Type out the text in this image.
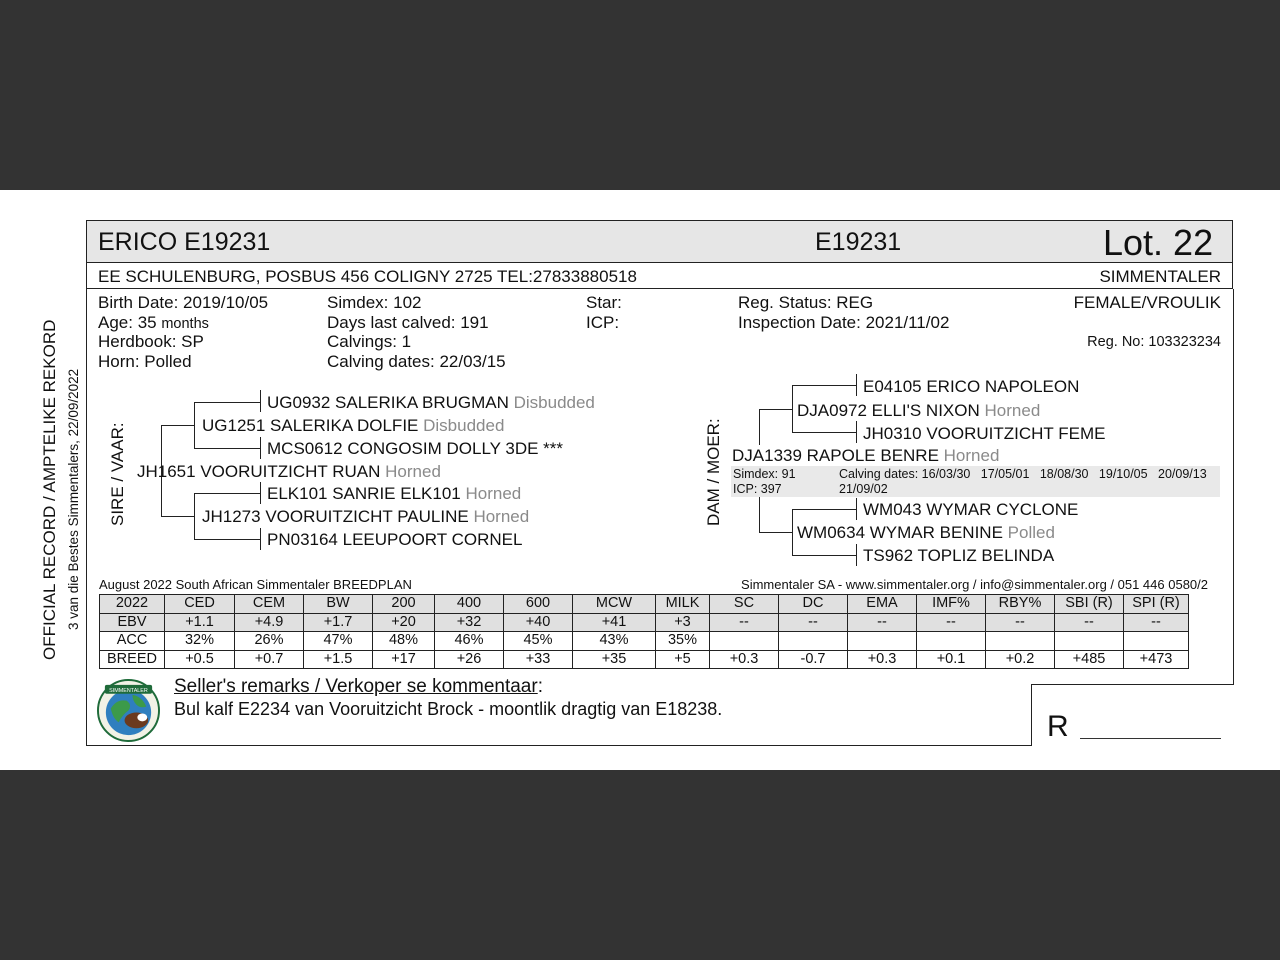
OFFICIAL RECORD / AMPTELIKE REKORD 3 van die Bestes Simmentalers, 22/09/2022
ERICO E19231	E19231	Lot. 22
EE SCHULENBURG, POSBUS 456 COLIGNY 2725 TEL:27833880518	SIMMENTALER
Birth Date: 2019/10/05
Age: 35 months
Herdbook: SP
Horn: Polled
Simdex: 102
Days last calved: 191
Calvings: 1
Calving dates: 22/03/15
Star:
ICP:
Reg. Status: REG
Inspection Date: 2021/11/02
FEMALE/VROULIK
Reg. No: 103323234
SIRE / VAAR:
UG0932 SALERIKA BRUGMAN Disbudded
UG1251 SALERIKA DOLFIE Disbudded
MCS0612 CONGOSIM DOLLY 3DE ***
JH1651 VOORUITZICHT RUAN Horned
ELK101 SANRIE ELK101 Horned
JH1273 VOORUITZICHT PAULINE Horned
PN03164 LEEUPOORT CORNEL
DAM / MOER:
E04105 ERICO NAPOLEON
DJA0972 ELLI'S NIXON Horned
JH0310 VOORUITZICHT FEME
DJA1339 RAPOLE BENRE Horned
Simdex: 91
ICP: 397
Calving dates: 16/03/30   17/05/01   18/08/30   19/10/05   20/09/13
21/09/02
WM043 WYMAR CYCLONE
WM0634 WYMAR BENINE Polled
TS962 TOPLIZ BELINDA
August 2022 South African Simmentaler BREEDPLAN	Simmentaler SA - www.simmentaler.org / info@simmentaler.org / 051 446 0580/2
2022	CED	CEM	BW	200	400	600	MCW	MILK	SC	DC	EMA	IMF%	RBY%	SBI (R)	SPI (R)
EBV	+1.1	+4.9	+1.7	+20	+32	+40	+41	+3	--	--	--	--	--	--	--
ACC	32%	26%	47%	48%	46%	45%	43%	35%							
BREED	+0.5	+0.7	+1.5	+17	+26	+33	+35	+5	+0.3	-0.7	+0.3	+0.1	+0.2	+485	+473
SIMMENTALER Seller's remarks / Verkoper se kommentaar:
Bul kalf E2234 van Vooruitzicht Brock - moontlik dragtig van E18238.
R
